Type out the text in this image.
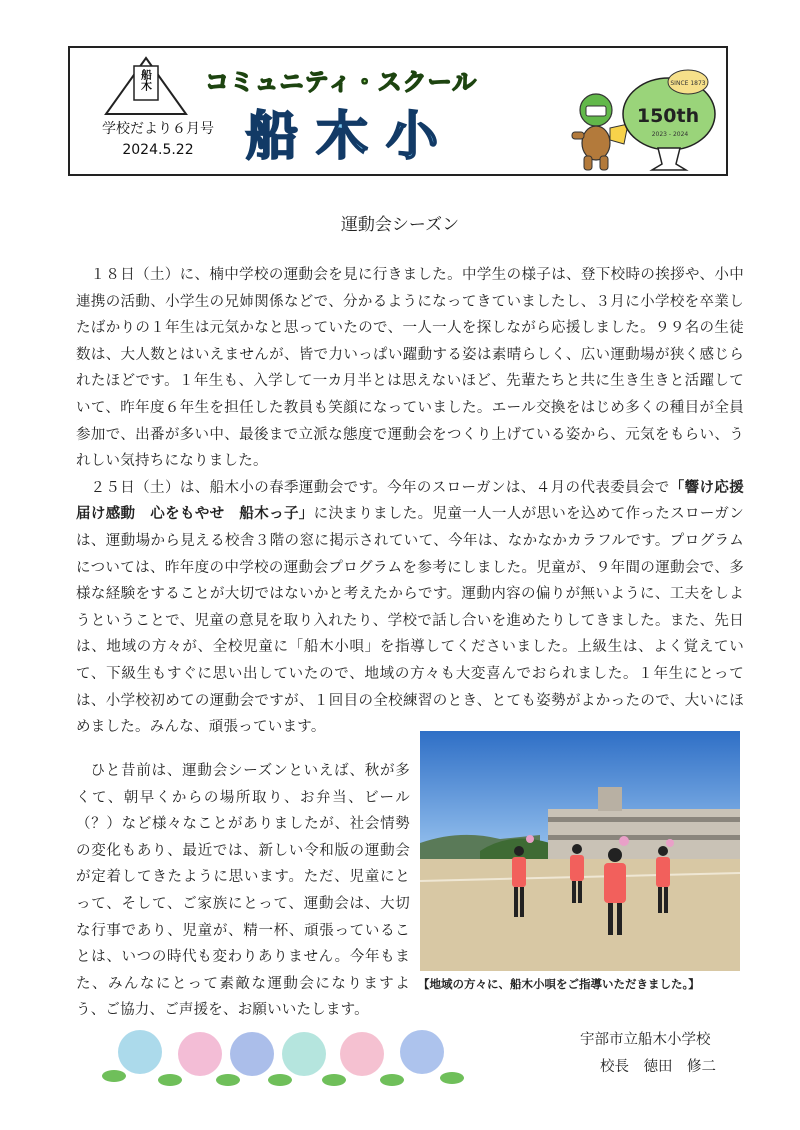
船木
学校だより６月号
2024.5.22
コミュニティ・スクール
船木小
SINCE 1873
150th
2023 - 2024
運動会シーズン

１８日（土）に、楠中学校の運動会を見に行きました。中学生の様子は、登下校時の挨拶や、小中連携の活動、小学生の兄姉関係などで、分かるようになってきていましたし、３月に小学校を卒業したばかりの１年生は元気かなと思っていたので、一人一人を探しながら応援しました。９９名の生徒数は、大人数とはいえませんが、皆で力いっぱい躍動する姿は素晴らしく、広い運動場が狭く感じられたほどです。１年生も、入学して一カ月半とは思えないほど、先輩たちと共に生き生きと活躍していて、昨年度６年生を担任した教員も笑顔になっていました。エール交換をはじめ多くの種目が全員参加で、出番が多い中、最後まで立派な態度で運動会をつくり上げている姿から、元気をもらい、うれしい気持ちになりました。

２５日（土）は、船木小の春季運動会です。今年のスローガンは、４月の代表委員会で「響け応援　届け感動　心をもやせ　船木っ子」に決まりました。児童一人一人が思いを込めて作ったスローガンは、運動場から見える校舎３階の窓に掲示されていて、今年は、なかなかカラフルです。プログラムについては、昨年度の中学校の運動会プログラムを参考にしました。児童が、９年間の運動会で、多様な経験をすることが大切ではないかと考えたからです。運動内容の偏りが無いように、工夫をしようということで、児童の意見を取り入れたり、学校で話し合いを進めたりしてきました。また、先日は、地域の方々が、全校児童に「船木小唄」を指導してくださいました。上級生は、よく覚えていて、下級生もすぐに思い出していたので、地域の方々も大変喜んでおられました。１年生にとっては、小学校初めての運動会ですが、１回目の全校練習のとき、とても姿勢がよかったので、大いにほめました。みんな、頑張っています。

ひと昔前は、運動会シーズンといえば、秋が多くて、朝早くからの場所取り、お弁当、ビール（？）など様々なことがありましたが、社会情勢の変化もあり、最近では、新しい令和版の運動会が定着してきたように思います。ただ、児童にとって、そして、ご家族にとって、運動会は、大切な行事であり、児童が、精一杯、頑張っていることは、いつの時代も変わりありません。今年もまた、みんなにとって素敵な運動会になりますよう、ご協力、ご声援を、お願いいたします。

【地域の方々に、船木小唄をご指導いただきました。】
宇部市立船木小学校
校長　徳田　修二
